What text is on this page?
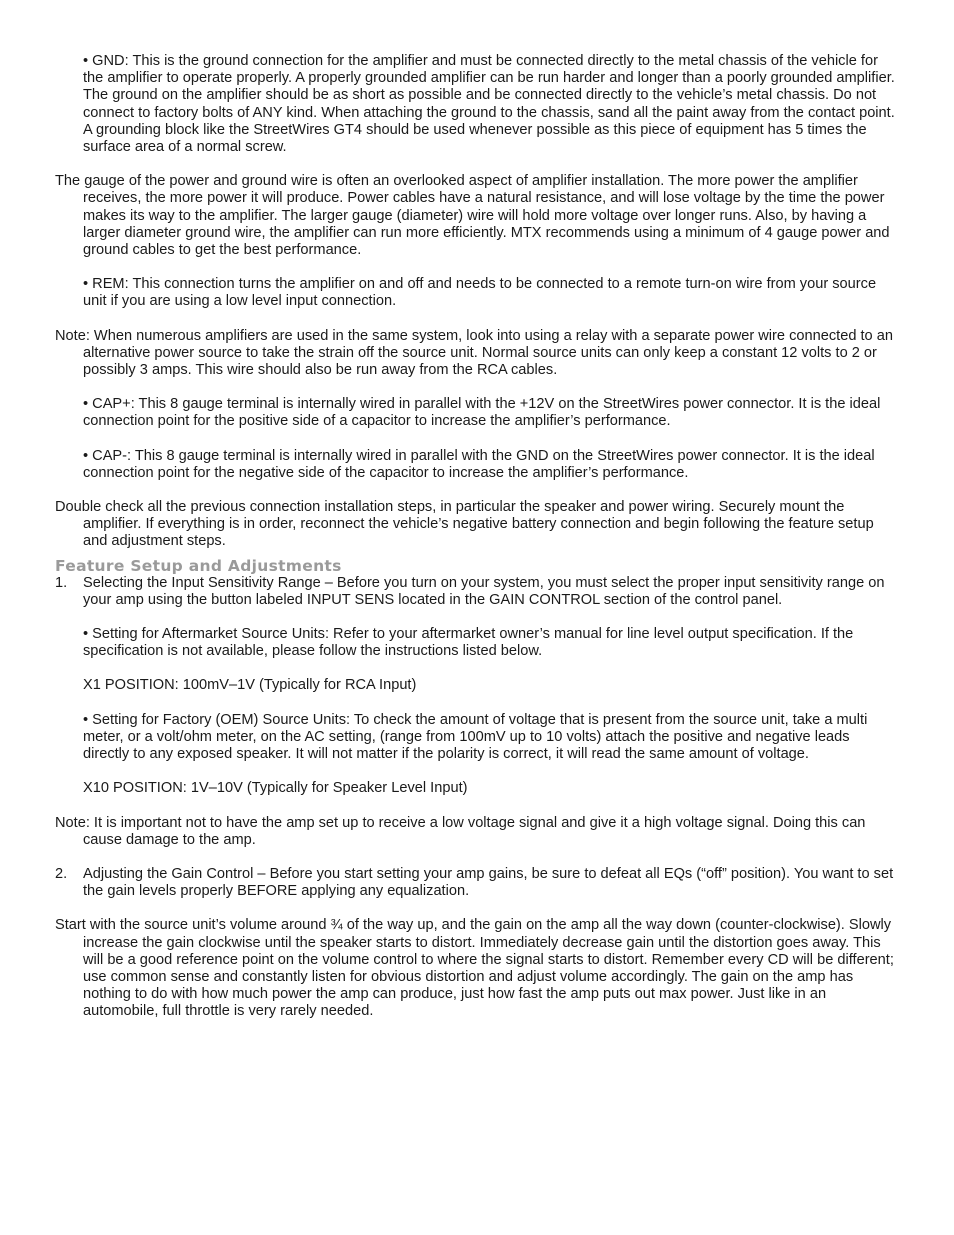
• GND: This is the ground connection for the amplifier and must be connected directly to the metal chassis of the vehicle for the amplifier to operate properly. A properly grounded amplifier can be run harder and longer than a poorly grounded amplifier. The ground on the amplifier should be as short as possible and be connected directly to the vehicle’s metal chassis. Do not connect to factory bolts of ANY kind. When attaching the ground to the chassis, sand all the paint away from the contact point. A grounding block like the StreetWires GT4 should be used whenever possible as this piece of equipment has 5 times the surface area of a normal screw.

The gauge of the power and ground wire is often an overlooked aspect of amplifier installation. The more power the amplifier receives, the more power it will produce. Power cables have a natural resistance, and will lose voltage by the time the power makes its way to the amplifier. The larger gauge (diameter) wire will hold more voltage over longer runs. Also, by having a larger diameter ground wire, the amplifier can run more efficiently. MTX recommends using a minimum of 4 gauge power and ground cables to get the best performance.

• REM: This connection turns the amplifier on and off and needs to be connected to a remote turn-on wire from your source unit if you are using a low level input connection.

Note: When numerous amplifiers are used in the same system, look into using a relay with a separate power wire connected to an alternative power source to take the strain off the source unit. Normal source units can only keep a constant 12 volts to 2 or possibly 3 amps. This wire should also be run away from the RCA cables.

• CAP+: This 8 gauge terminal is internally wired in parallel with the +12V on the StreetWires power connector. It is the ideal connection point for the positive side of a capacitor to increase the amplifier’s performance.

• CAP-: This 8 gauge terminal is internally wired in parallel with the GND on the StreetWires power connector. It is the ideal connection point for the negative side of the capacitor to increase the amplifier’s performance.

Double check all the previous connection installation steps, in particular the speaker and power wiring. Securely mount the amplifier. If everything is in order, reconnect the vehicle’s negative battery connection and begin following the feature setup and adjustment steps.

Feature Setup and Adjustments

1. Selecting the Input Sensitivity Range – Before you turn on your system, you must select the proper input sensitivity range on your amp using the button labeled INPUT SENS located in the GAIN CONTROL section of the control panel.

• Setting for Aftermarket Source Units: Refer to your aftermarket owner’s manual for line level output specification. If the specification is not available, please follow the instructions listed below.

X1 POSITION: 100mV–1V (Typically for RCA Input)

• Setting for Factory (OEM) Source Units: To check the amount of voltage that is present from the source unit, take a multi meter, or a volt/ohm meter, on the AC setting, (range from 100mV up to 10 volts) attach the positive and negative leads directly to any exposed speaker. It will not matter if the polarity is correct, it will read the same amount of voltage.

X10 POSITION: 1V–10V (Typically for Speaker Level Input)

Note: It is important not to have the amp set up to receive a low voltage signal and give it a high voltage signal. Doing this can cause damage to the amp.

2. Adjusting the Gain Control – Before you start setting your amp gains, be sure to defeat all EQs (“off” position). You want to set the gain levels properly BEFORE applying any equalization.

Start with the source unit’s volume around ¾ of the way up, and the gain on the amp all the way down (counter-clockwise). Slowly increase the gain clockwise until the speaker starts to distort. Immediately decrease gain until the distortion goes away. This will be a good reference point on the volume control to where the signal starts to distort. Remember every CD will be different; use common sense and constantly listen for obvious distortion and adjust volume accordingly. The gain on the amp has nothing to do with how much power the amp can produce, just how fast the amp puts out max power. Just like in an automobile, full throttle is very rarely needed.
